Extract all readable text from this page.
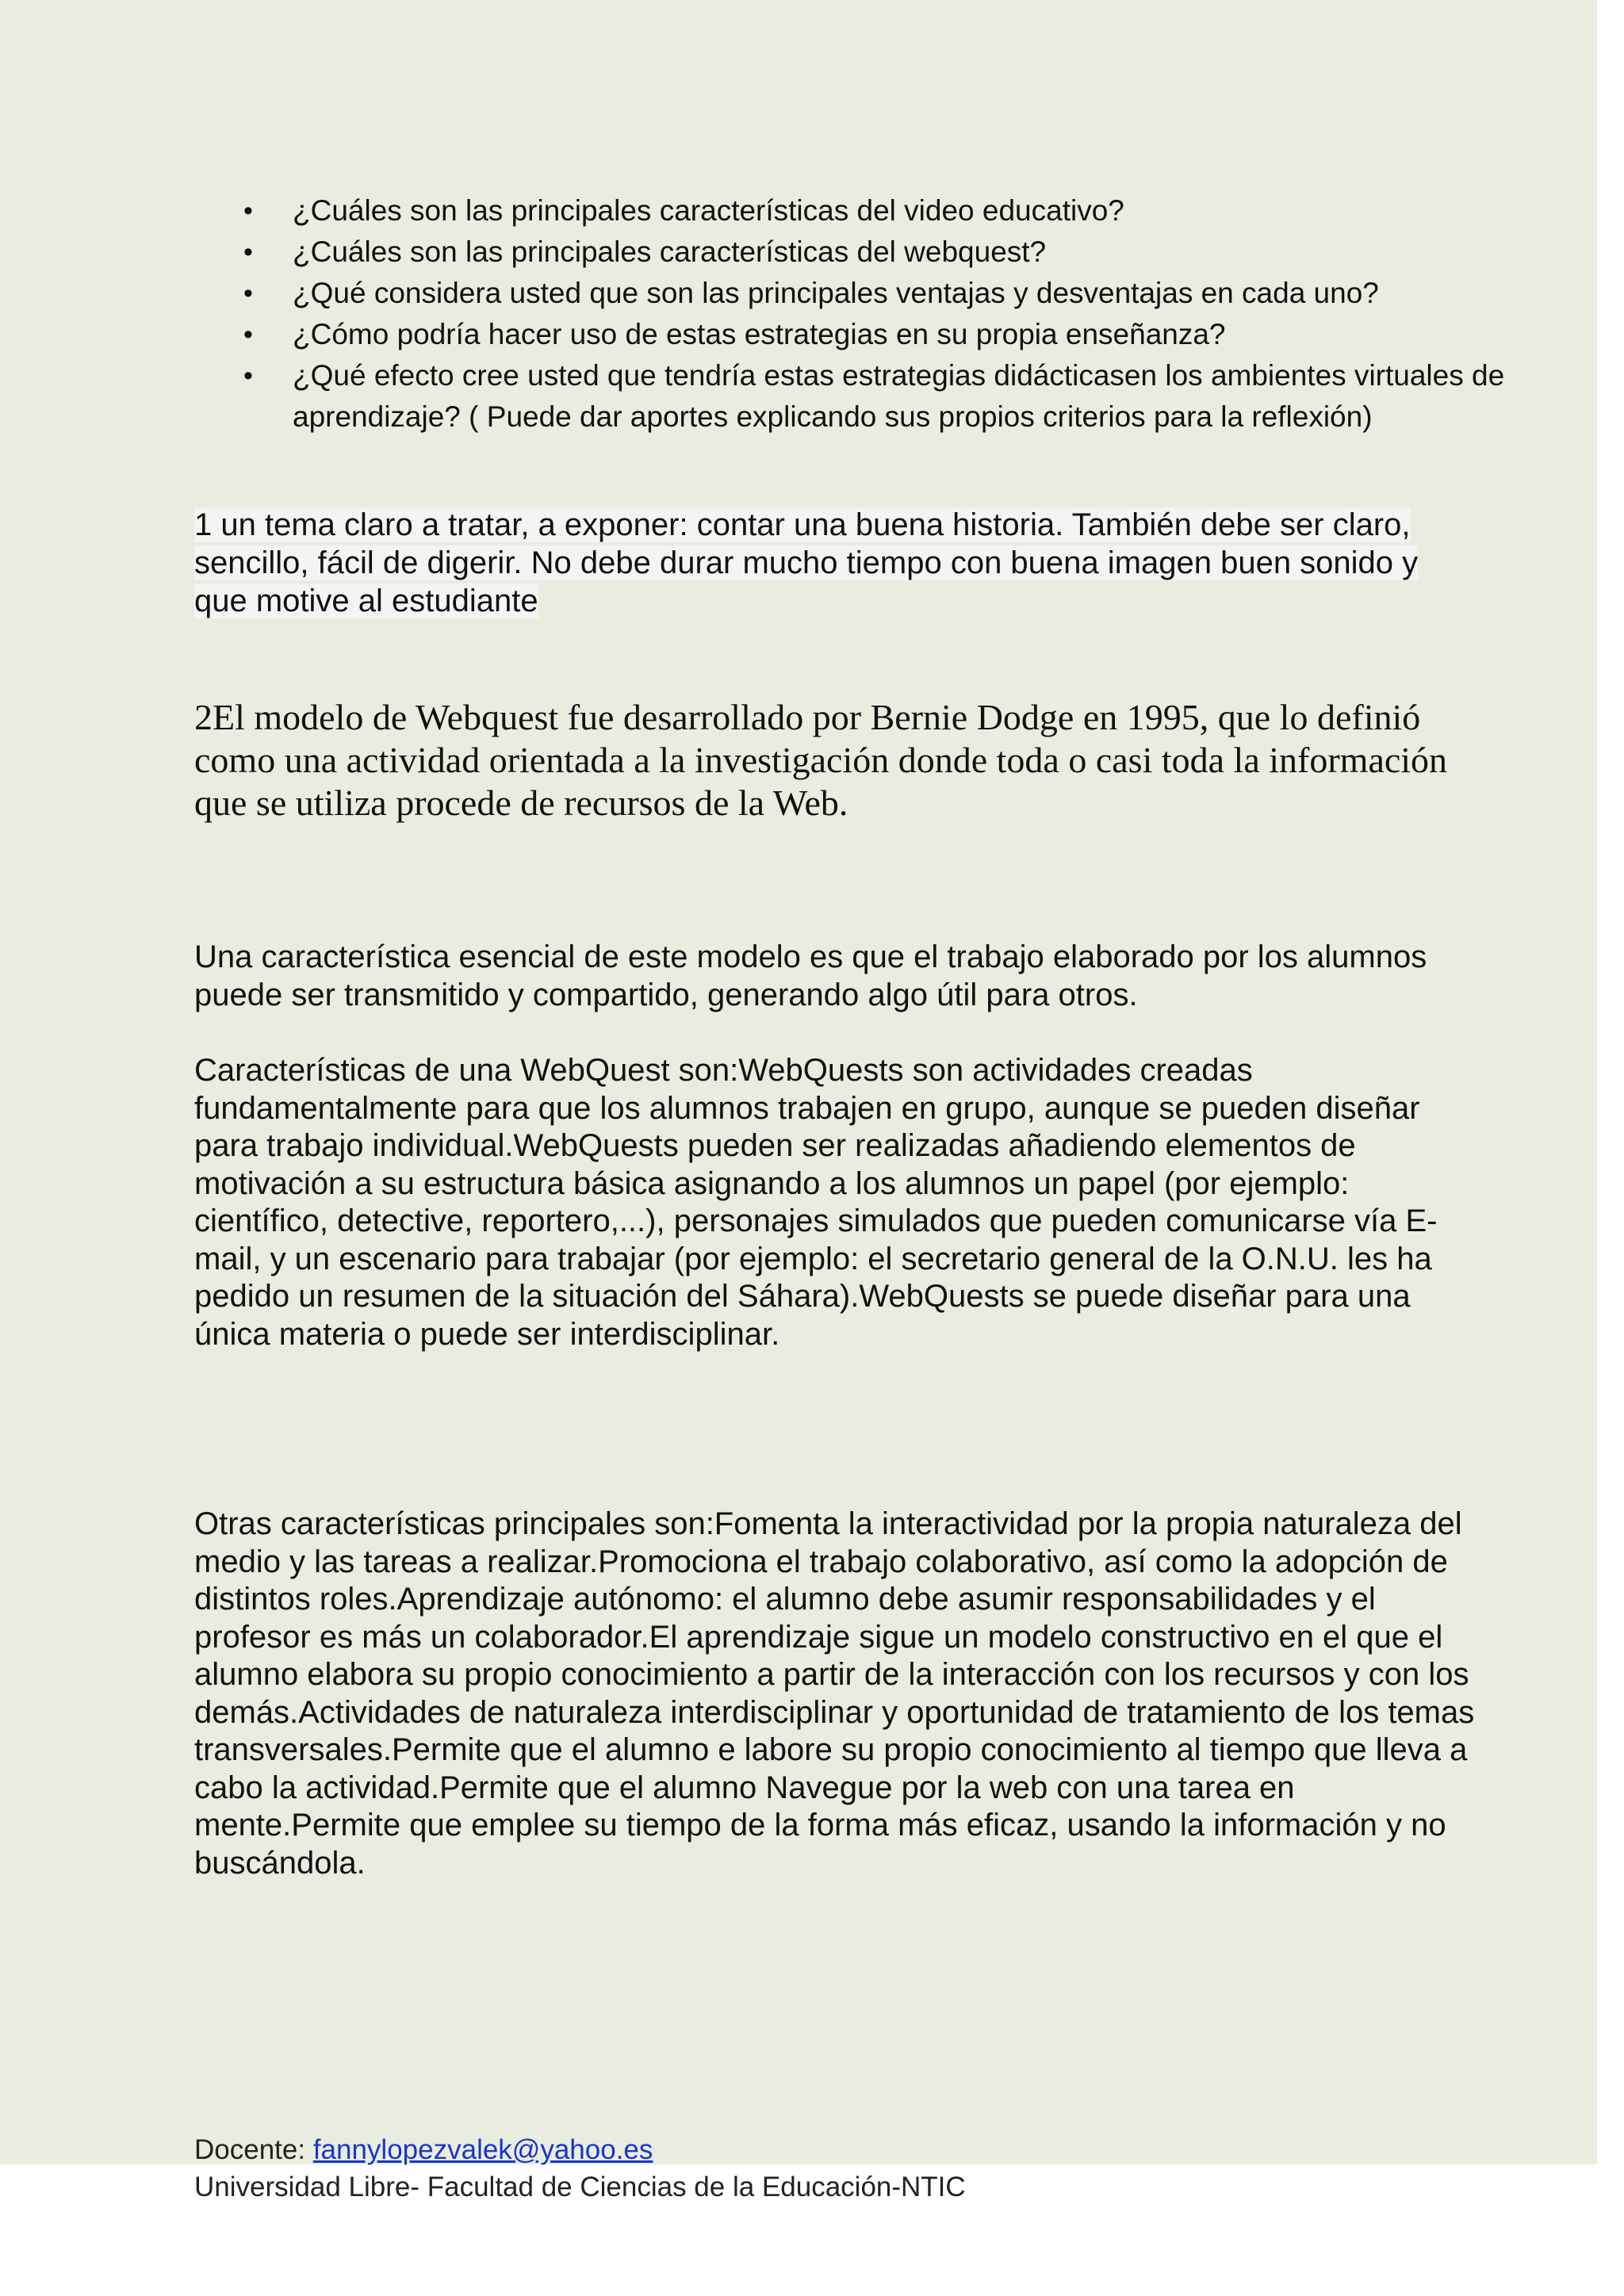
• ¿Cuáles son las principales características del video educativo?
• ¿Cuáles son las principales características del webquest?
• ¿Qué considera usted que son las principales ventajas y desventajas en cada uno?
• ¿Cómo podría hacer uso de estas estrategias en su propia enseñanza?
• ¿Qué efecto cree usted que tendría estas estrategias didácticasen los ambientes virtuales de aprendizaje? ( Puede dar aportes explicando sus propios criterios para la reflexión)

1 un tema claro a tratar, a exponer: contar una buena historia. También debe ser claro, sencillo, fácil de digerir. No debe durar mucho tiempo con buena imagen buen sonido y que motive al estudiante

2El modelo de Webquest fue desarrollado por Bernie Dodge en 1995, que lo definió como una actividad orientada a la investigación donde toda o casi toda la información que se utiliza procede de recursos de la Web.

Una característica esencial de este modelo es que el trabajo elaborado por los alumnos puede ser transmitido y compartido, generando algo útil para otros.

Características de una WebQuest son:WebQuests son actividades creadas fundamentalmente para que los alumnos trabajen en grupo, aunque se pueden diseñar para trabajo individual.WebQuests pueden ser realizadas añadiendo elementos de motivación a su estructura básica asignando a los alumnos un papel (por ejemplo: científico, detective, reportero,...), personajes simulados que pueden comunicarse vía E-mail, y un escenario para trabajar (por ejemplo: el secretario general de la O.N.U. les ha pedido un resumen de la situación del Sáhara).WebQuests se puede diseñar para una única materia o puede ser interdisciplinar.

Otras características principales son:Fomenta la interactividad por la propia naturaleza del medio y las tareas a realizar.Promociona el trabajo colaborativo, así como la adopción de distintos roles.Aprendizaje autónomo: el alumno debe asumir responsabilidades y el profesor es más un colaborador.El aprendizaje sigue un modelo constructivo en el que el alumno elabora su propio conocimiento a partir de la interacción con los recursos y con los demás.Actividades de naturaleza interdisciplinar y oportunidad de tratamiento de los temas transversales.Permite que el alumno e labore su propio conocimiento al tiempo que lleva a cabo la actividad.Permite que el alumno Navegue por la web con una tarea en mente.Permite que emplee su tiempo de la forma más eficaz, usando la información y no buscándola.

Docente: fannylopezvalek@yahoo.es
Universidad Libre- Facultad de Ciencias de la Educación-NTIC
